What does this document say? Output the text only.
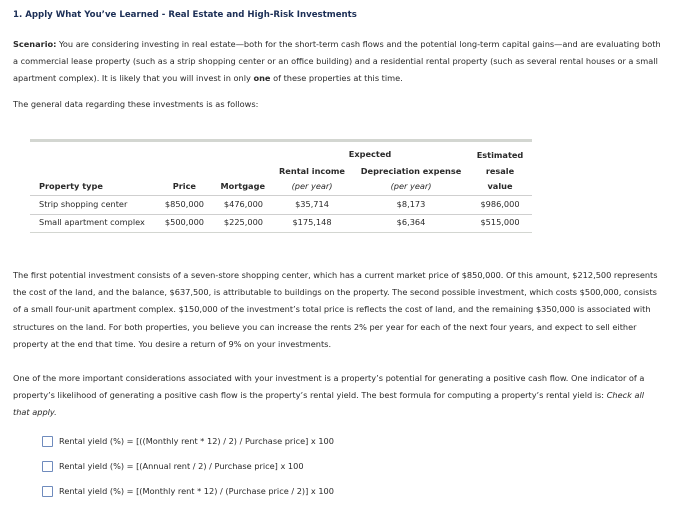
1. Apply What You’ve Learned - Real Estate and High-Risk Investments
Scenario: You are considering investing in real estate—both for the short-term cash flows and the potential long-term capital gains—and are evaluating both a commercial lease property (such as a strip shopping center or an office building) and a residential rental property (such as several rental houses or a small apartment complex). It is likely that you will invest in only one of these properties at this time.
The general data regarding these investments is as follows:
Expected	Estimated
Rental income Depreciation expense	resale
Property type	Price	Mortgage	(per year)	(per year)	value
Strip shopping center	$850,000 $476,000	$35,714	$8,173	$986,000
Small apartment complex $500,000 $225,000	$175,148	$6,364	$515,000
The first potential investment consists of a seven-store shopping center, which has a current market price of $850,000. Of this amount, $212,500 represents the cost of the land, and the balance, $637,500, is attributable to buildings on the property. The second possible investment, which costs $500,000, consists of a small four-unit apartment complex. $150,000 of the investment’s total price is reflects the cost of land, and the remaining $350,000 is associated with structures on the land. For both properties, you believe you can increase the rents 2% per year for each of the next four years, and expect to sell either property at the end that time. You desire a return of 9% on your investments.
One of the more important considerations associated with your investment is a property’s potential for generating a positive cash flow. One indicator of a property’s likelihood of generating a positive cash flow is the property’s rental yield. The best formula for computing a property’s rental yield is: Check all that apply.
Rental yield (%) = [((Monthly rent * 12) / 2) / Purchase price] x 100
Rental yield (%) = [(Annual rent / 2) / Purchase price] x 100
Rental yield (%) = [(Monthly rent * 12) / (Purchase price / 2)] x 100
